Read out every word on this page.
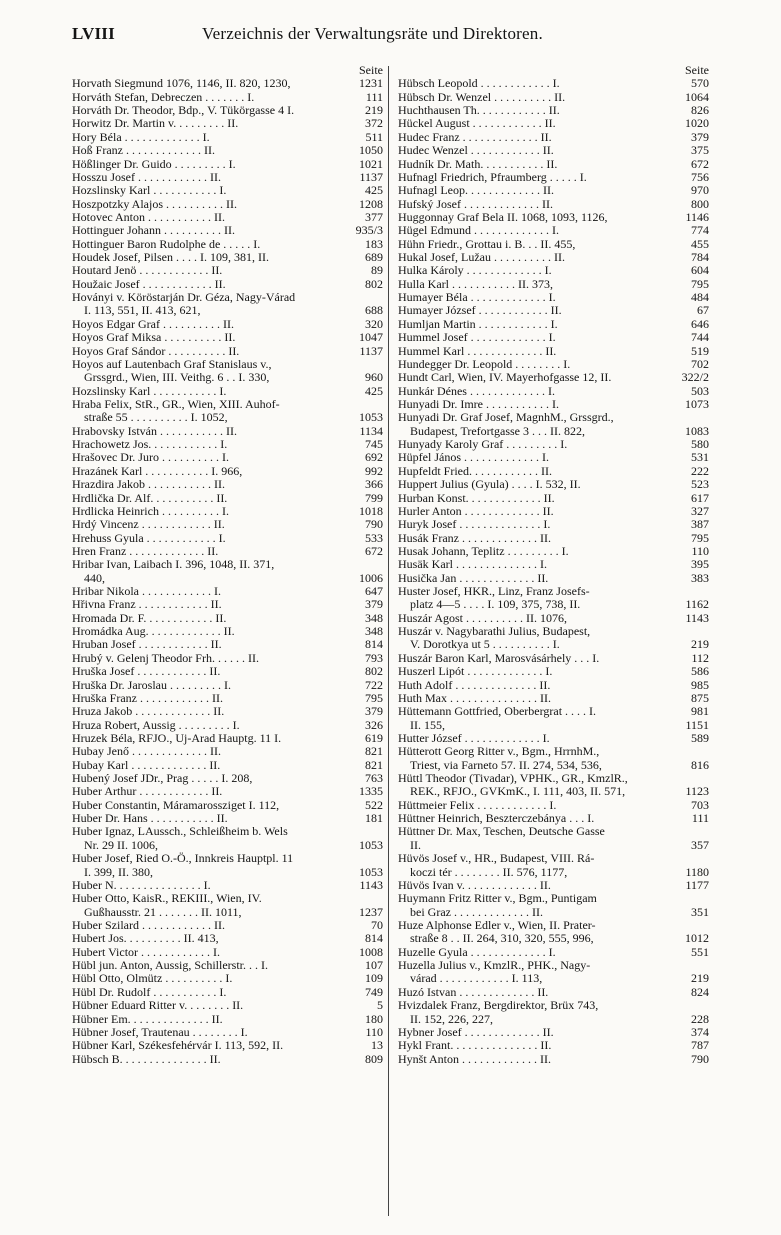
LVIII	Verzeichnis der Verwaltungsräte und Direktoren.
Seite
Horvath Siegmund 1076, 1146, II. 820, 1230,	1231
Horváth Stefan, Debreczen . . . . . . . I.	111
Horváth Dr. Theodor, Bdp., V. Tükörgasse 4 I.	219
Horwitz Dr. Martin v. . . . . . . . . II.	372
Hory Béla . . . . . . . . . . . . . I.	511
Hoß Franz . . . . . . . . . . . . . II.	1050
Hößlinger Dr. Guido . . . . . . . . . I.	1021
Hosszu Josef . . . . . . . . . . . . II.	1137
Hozslinsky Karl . . . . . . . . . . . I.	425
Hoszpotzky Alajos . . . . . . . . . . II.	1208
Hotovec Anton . . . . . . . . . . . II.	377
Hottinguer Johann . . . . . . . . . . II.	935/3
Hottinguer Baron Rudolphe de . . . . . I.	183
Houdek Josef, Pilsen . . . . I. 109, 381, II.	689
Houtard Jenö . . . . . . . . . . . . II.	89
Houžaic Josef . . . . . . . . . . . . II.	802
Hoványi v. Köröstarján Dr. Géza, Nagy-Várad
I. 113, 551, II. 413, 621,	688
Hoyos Edgar Graf . . . . . . . . . . II.	320
Hoyos Graf Miksa . . . . . . . . . . II.	1047
Hoyos Graf Sándor . . . . . . . . . . II.	1137
Hoyos auf Lautenbach Graf Stanislaus v.,
Grssgrd., Wien, III. Veithg. 6 . . I. 330,	960
Hozslinsky Karl . . . . . . . . . . . I.	425
Hraba Felix, StR., GR., Wien, XIII. Auhof-
straße 55 . . . . . . . . . . I. 1052,	1053
Hrabovsky István . . . . . . . . . . . II.	1134
Hrachowetz Jos. . . . . . . . . . . . I.	745
Hrašovec Dr. Juro . . . . . . . . . . I.	692
Hrazánek Karl . . . . . . . . . . . I. 966,	992
Hrazdira Jakob . . . . . . . . . . . II.	366
Hrdlička Dr. Alf. . . . . . . . . . . II.	799
Hrdlicka Heinrich . . . . . . . . . . I.	1018
Hrdý Vincenz . . . . . . . . . . . . II.	790
Hrehuss Gyula . . . . . . . . . . . . I.	533
Hren Franz . . . . . . . . . . . . . II.	672
Hribar Ivan, Laibach I. 396, 1048, II. 371,
440,	1006
Hribar Nikola . . . . . . . . . . . . I.	647
Hřivna Franz . . . . . . . . . . . . II.	379
Hromada Dr. F. . . . . . . . . . . . II.	348
Hromádka Aug. . . . . . . . . . . . . II.	348
Hruban Josef . . . . . . . . . . . . II.	814
Hrubý v. Gelenj Theodor Frh. . . . . . II.	793
Hruška Josef . . . . . . . . . . . . II.	802
Hruška Dr. Jaroslau . . . . . . . . . I.	722
Hruška Franz . . . . . . . . . . . . II.	795
Hruza Jakob . . . . . . . . . . . . . II.	379
Hruza Robert, Aussig . . . . . . . . . I.	326
Hruzek Béla, RFJO., Uj-Arad Hauptg. 11 I.	619
Hubay Jenő . . . . . . . . . . . . . II.	821
Hubay Karl . . . . . . . . . . . . . II.	821
Hubený Josef JDr., Prag . . . . . I. 208,	763
Huber Arthur . . . . . . . . . . . . II.	1335
Huber Constantin, Máramarossziget I. 112,	522
Huber Dr. Hans . . . . . . . . . . . II.	181
Huber Ignaz, LAussch., Schleißheim b. Wels
Nr. 29 II. 1006,	1053
Huber Josef, Ried O.-Ö., Innkreis Hauptpl. 11
I. 399, II. 380,	1053
Huber N. . . . . . . . . . . . . . . I.	1143
Huber Otto, KaisR., REKIII., Wien, IV.
Gußhausstr. 21 . . . . . . . II. 1011,	1237
Huber Szilard . . . . . . . . . . . . II.	70
Hubert Jos. . . . . . . . . . II. 413,	814
Hubert Victor . . . . . . . . . . . . I.	1008
Hübl jun. Anton, Aussig, Schillerstr. . . I.	107
Hübl Otto, Olmütz . . . . . . . . . . I.	109
Hübl Dr. Rudolf . . . . . . . . . . . I.	749
Hübner Eduard Ritter v. . . . . . . . II.	5
Hübner Em. . . . . . . . . . . . . . II.	180
Hübner Josef, Trautenau . . . . . . . . I.	110
Hübner Karl, Székesfehérvár I. 113, 592, II.	13
Hübsch B. . . . . . . . . . . . . . . II.	809
Seite
Hübsch Leopold . . . . . . . . . . . . I.	570
Hübsch Dr. Wenzel . . . . . . . . . . II.	1064
Huchthausen Th. . . . . . . . . . . . II.	826
Hückel August . . . . . . . . . . . . II.	1020
Hudec Franz . . . . . . . . . . . . . II.	379
Hudec Wenzel . . . . . . . . . . . . II.	375
Hudník Dr. Math. . . . . . . . . . . II.	672
Hufnagl Friedrich, Pfraumberg . . . . . I.	756
Hufnagl Leop. . . . . . . . . . . . . II.	970
Hufský Josef . . . . . . . . . . . . . II.	800
Huggonnay Graf Bela II. 1068, 1093, 1126,	1146
Hügel Edmund . . . . . . . . . . . . . I.	774
Hühn Friedr., Grottau i. B. . . II. 455,	455
Hukal Josef, Lužau . . . . . . . . . . II.	784
Hulka Károly . . . . . . . . . . . . . I.	604
Hulla Karl . . . . . . . . . . . II. 373,	795
Humayer Béla . . . . . . . . . . . . . I.	484
Humayer József . . . . . . . . . . . . II.	67
Humljan Martin . . . . . . . . . . . . I.	646
Hummel Josef . . . . . . . . . . . . . I.	744
Hummel Karl . . . . . . . . . . . . . II.	519
Hundegger Dr. Leopold . . . . . . . . I.	702
Hundt Carl, Wien, IV. Mayerhofgasse 12, II.	322/2
Hunkár Dénes . . . . . . . . . . . . . I.	503
Hunyadi Dr. Imre . . . . . . . . . . . I.	1073
Hunyadi Dr. Graf Josef, MagnhM., Grssgrd.,
Budapest, Trefortgasse 3 . . . II. 822,	1083
Hunyady Karoly Graf . . . . . . . . . I.	580
Hüpfel János . . . . . . . . . . . . . I.	531
Hupfeldt Fried. . . . . . . . . . . . II.	222
Huppert Julius (Gyula) . . . . I. 532, II.	523
Hurban Konst. . . . . . . . . . . . . II.	617
Hurler Anton . . . . . . . . . . . . . II.	327
Huryk Josef . . . . . . . . . . . . . . I.	387
Husák Franz . . . . . . . . . . . . . II.	795
Husak Johann, Teplitz . . . . . . . . . I.	110
Husäk Karl . . . . . . . . . . . . . . I.	395
Husička Jan . . . . . . . . . . . . . II.	383
Huster Josef, HKR., Linz, Franz Josefs-
platz 4—5 . . . . I. 109, 375, 738, II.	1162
Huszár Agost . . . . . . . . . . II. 1076,	1143
Huszár v. Nagybarathi Julius, Budapest,
V. Dorotkya ut 5 . . . . . . . . . . I.	219
Huszár Baron Karl, Marosvásárhely . . . I.	112
Huszerl Lipót . . . . . . . . . . . . . I.	586
Huth Adolf . . . . . . . . . . . . . . II.	985
Huth Max . . . . . . . . . . . . . . . II.	875
Hüttemann Gottfried, Oberbergrat . . . . I.	981
II. 155,	1151
Hutter József . . . . . . . . . . . . . I.	589
Hütterott Georg Ritter v., Bgm., HrrnhM.,
Triest, via Farneto 57. II. 274, 534, 536,	816
Hüttl Theodor (Tivadar), VPHK., GR., KmzlR.,
REK., RFJO., GVKmK., I. 111, 403, II. 571,	1123
Hüttmeier Felix . . . . . . . . . . . . I.	703
Hüttner Heinrich, Beszterczebánya . . . I.	111
Hüttner Dr. Max, Teschen, Deutsche Gasse
II.	357
Hüvös Josef v., HR., Budapest, VIII. Rá-
koczi tér . . . . . . . . II. 576, 1177,	1180
Hüvös Ivan v. . . . . . . . . . . . . II.	1177
Huymann Fritz Ritter v., Bgm., Puntigam
bei Graz . . . . . . . . . . . . . II.	351
Huze Alphonse Edler v., Wien, II. Prater-
straße 8 . . II. 264, 310, 320, 555, 996,	1012
Huzelle Gyula . . . . . . . . . . . . . I.	551
Huzella Julius v., KmzlR., PHK., Nagy-
várad . . . . . . . . . . . . I. 113,	219
Huzó Istvan . . . . . . . . . . . . . II.	824
Hvizdalek Franz, Bergdirektor, Brüx 743,
II. 152, 226, 227,	228
Hybner Josef . . . . . . . . . . . . . II.	374
Hykl Frant. . . . . . . . . . . . . . . II.	787
Hynšt Anton . . . . . . . . . . . . . II.	790
